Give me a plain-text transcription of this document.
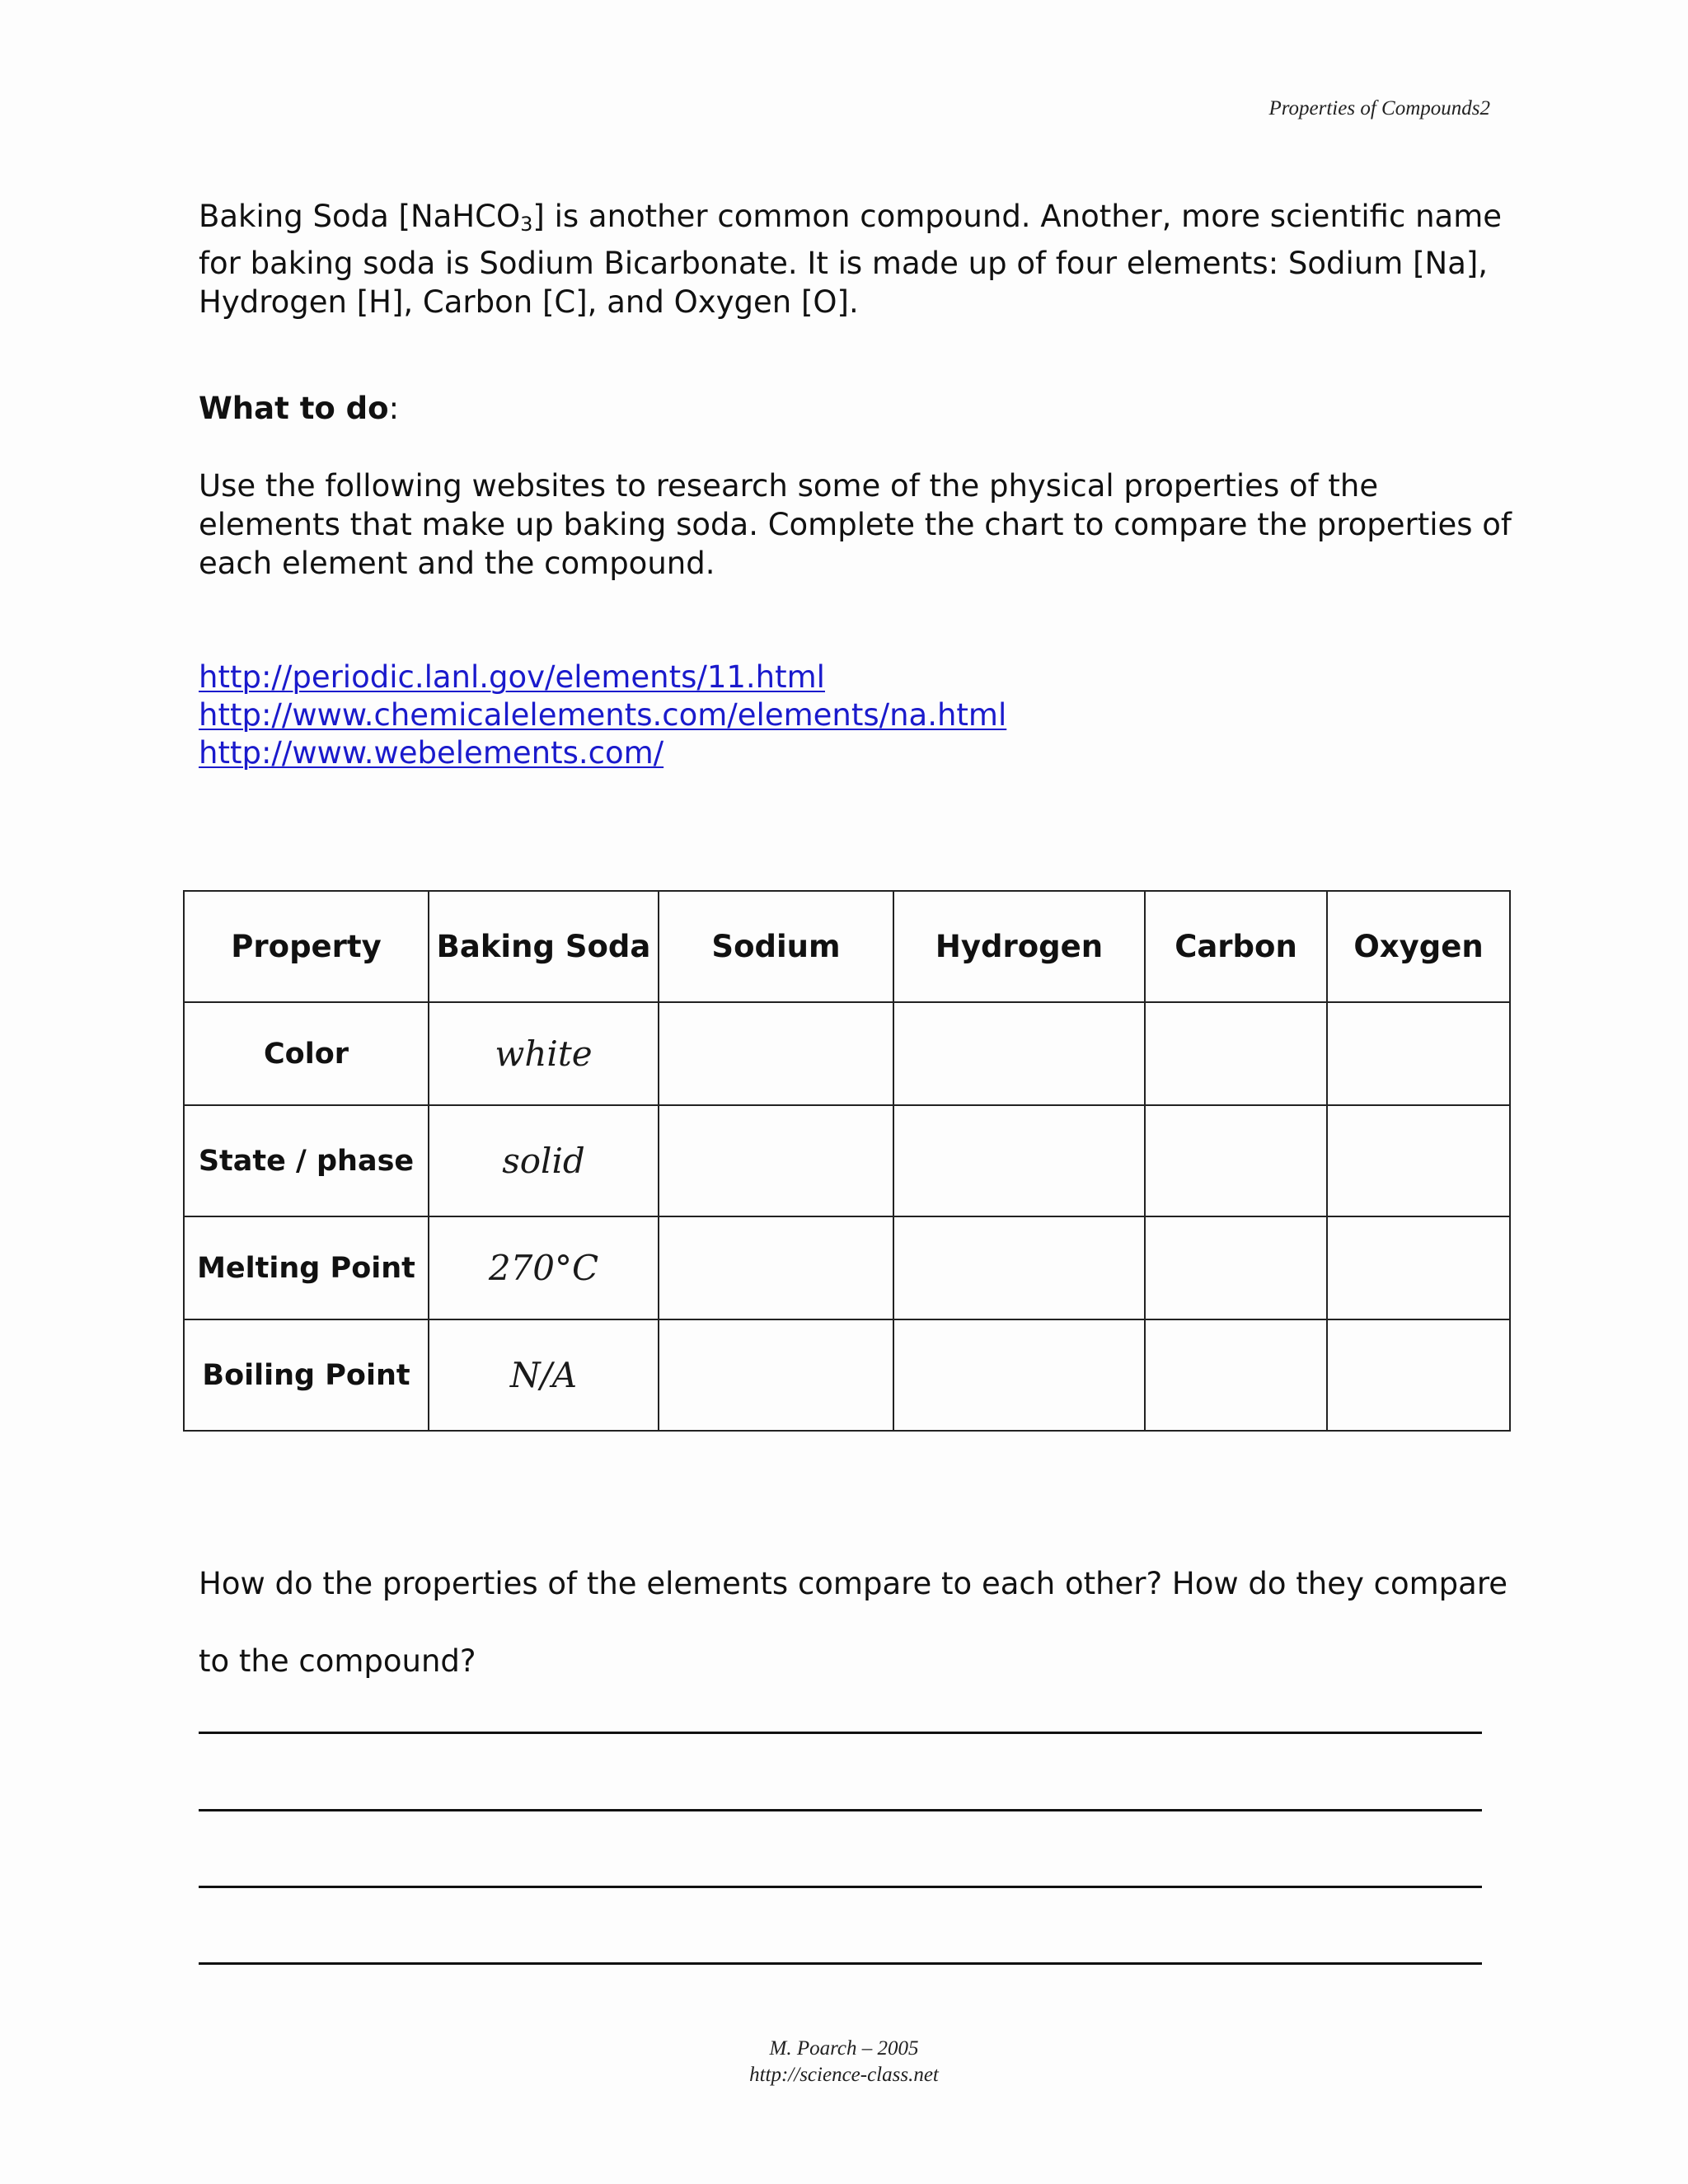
Properties of Compounds2

Baking Soda [NaHCO$_3$] is another common compound. Another, more scientific name for baking soda is Sodium Bicarbonate. It is made up of four elements: Sodium [Na], Hydrogen [H], Carbon [C], and Oxygen [O].

What to do:

Use the following websites to research some of the physical properties of the elements that make up baking soda. Complete the chart to compare the properties of each element and the compound.

http://periodic.lanl.gov/elements/11.html
http://www.chemicalelements.com/elements/na.html
http://www.webelements.com/
Property	Baking Soda	Sodium	Hydrogen	Carbon	Oxygen
Color	white				
State / phase	solid				
Melting Point	270°C				
Boiling Point	N/A				

How do the properties of the elements compare to each other? How do they compare to the compound?

M. Poarch – 2005
http://science-class.net
